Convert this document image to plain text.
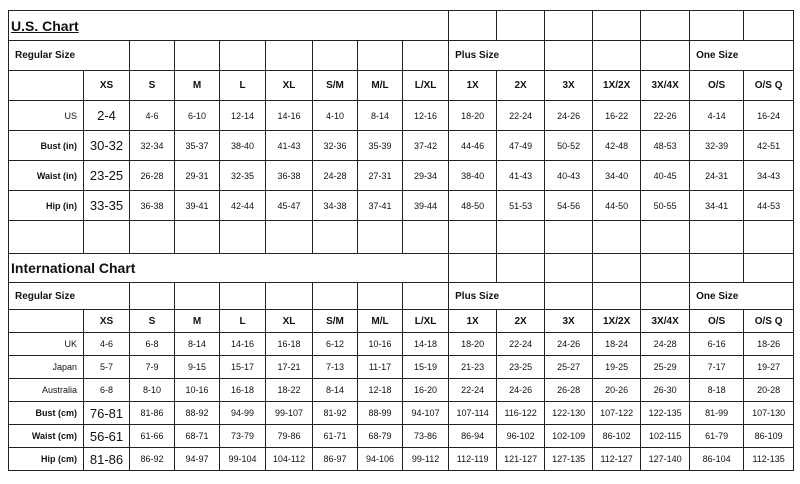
U.S. Chart															
Regular Size									Plus Size					One Size	
	XS	S	M	L	XL	S/M	M/L	L/XL	1X	2X	3X	1X/2X	3X/4X	O/S	O/S Q
US	2-4	4-6	6-10	12-14	14-16	4-10	8-14	12-16	18-20	22-24	24-26	16-22	22-26	4-14	16-24
Bust (in)	30-32	32-34	35-37	38-40	41-43	32-36	35-39	37-42	44-46	47-49	50-52	42-48	48-53	32-39	42-51
Waist (in)	23-25	26-28	29-31	32-35	36-38	24-28	27-31	29-34	38-40	41-43	40-43	34-40	40-45	24-31	34-43
Hip (in)	33-35	36-38	39-41	42-44	45-47	34-38	37-41	39-44	48-50	51-53	54-56	44-50	50-55	34-41	44-53

International Chart															
Regular Size									Plus Size					One Size	
	XS	S	M	L	XL	S/M	M/L	L/XL	1X	2X	3X	1X/2X	3X/4X	O/S	O/S Q
UK	4-6	6-8	8-14	14-16	16-18	6-12	10-16	14-18	18-20	22-24	24-26	18-24	24-28	6-16	18-26
Japan	5-7	7-9	9-15	15-17	17-21	7-13	11-17	15-19	21-23	23-25	25-27	19-25	25-29	7-17	19-27
Australia	6-8	8-10	10-16	16-18	18-22	8-14	12-18	16-20	22-24	24-26	26-28	20-26	26-30	8-18	20-28
Bust (cm)	76-81	81-86	88-92	94-99	99-107	81-92	88-99	94-107	107-114	116-122	122-130	107-122	122-135	81-99	107-130
Waist (cm)	56-61	61-66	68-71	73-79	79-86	61-71	68-79	73-86	86-94	96-102	102-109	86-102	102-115	61-79	86-109
Hip (cm)	81-86	86-92	94-97	99-104	104-112	86-97	94-106	99-112	112-119	121-127	127-135	112-127	127-140	86-104	112-135
